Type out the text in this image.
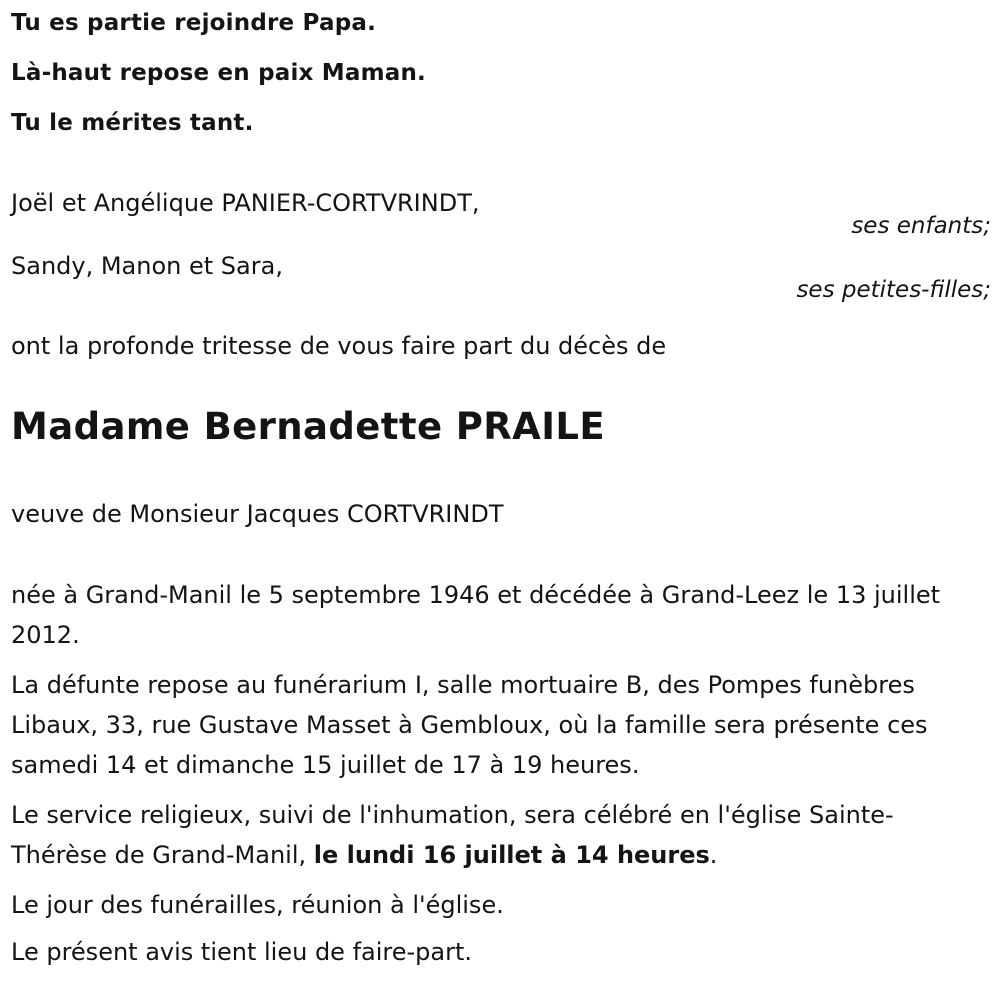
Tu es partie rejoindre Papa.
Là-haut repose en paix Maman.
Tu le mérites tant.
Joël et Angélique PANIER-CORTVRINDT,
ses enfants;
Sandy, Manon et Sara,
ses petites-filles;
ont la profonde tritesse de vous faire part du décès de
Madame Bernadette PRAILE
veuve de Monsieur Jacques CORTVRINDT
née à Grand-Manil le 5 septembre 1946 et décédée à Grand-Leez le 13 juillet 2012.
La défunte repose au funérarium I, salle mortuaire B, des Pompes funèbres Libaux, 33, rue Gustave Masset à Gembloux, où la famille sera présente ces samedi 14 et dimanche 15 juillet de 17 à 19 heures.
Le service religieux, suivi de l'inhumation, sera célébré en l'église Sainte-Thérèse de Grand-Manil, le lundi 16 juillet à 14 heures.
Le jour des funérailles, réunion à l'église.
Le présent avis tient lieu de faire-part.
